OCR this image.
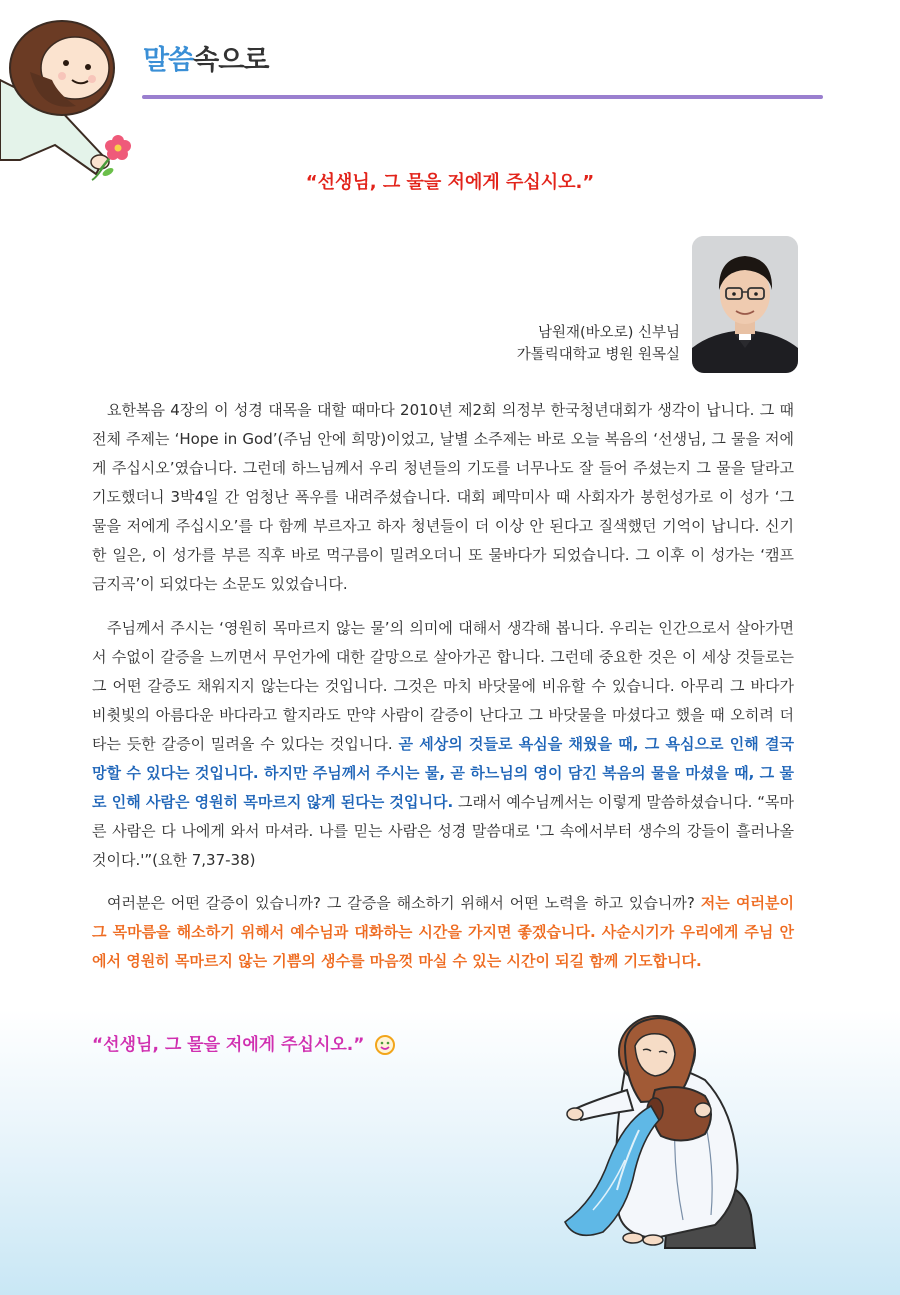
말씀속으로
“선생님, 그 물을 저에게 주십시오.”
남원재(바오로) 신부님
가톨릭대학교 병원 원목실

요한복음 4장의 이 성경 대목을 대할 때마다 2010년 제2회 의정부 한국청년대회가 생각이 납니다. 그 때 전체 주제는 ‘Hope in God’(주님 안에 희망)이었고, 날별 소주제는 바로 오늘 복음의 ‘선생님, 그 물을 저에게 주십시오’였습니다. 그런데 하느님께서 우리 청년들의 기도를 너무나도 잘 들어 주셨는지 그 물을 달라고 기도했더니 3박4일 간 엄청난 폭우를 내려주셨습니다. 대회 폐막미사 때 사회자가 봉헌성가로 이 성가 ‘그 물을 저에게 주십시오’를 다 함께 부르자고 하자 청년들이 더 이상 안 된다고 질색했던 기억이 납니다. 신기한 일은, 이 성가를 부른 직후 바로 먹구름이 밀려오더니 또 물바다가 되었습니다. 그 이후 이 성가는 ‘캠프 금지곡’이 되었다는 소문도 있었습니다.

주님께서 주시는 ‘영원히 목마르지 않는 물’의 의미에 대해서 생각해 봅니다. 우리는 인간으로서 살아가면서 수없이 갈증을 느끼면서 무언가에 대한 갈망으로 살아가곤 합니다. 그런데 중요한 것은 이 세상 것들로는 그 어떤 갈증도 채워지지 않는다는 것입니다. 그것은 마치 바닷물에 비유할 수 있습니다. 아무리 그 바다가 비췻빛의 아름다운 바다라고 할지라도 만약 사람이 갈증이 난다고 그 바닷물을 마셨다고 했을 때 오히려 더 타는 듯한 갈증이 밀려올 수 있다는 것입니다. 곧 세상의 것들로 욕심을 채웠을 때, 그 욕심으로 인해 결국 망할 수 있다는 것입니다. 하지만 주님께서 주시는 물, 곧 하느님의 영이 담긴 복음의 물을 마셨을 때, 그 물로 인해 사람은 영원히 목마르지 않게 된다는 것입니다. 그래서 예수님께서는 이렇게 말씀하셨습니다. “목마른 사람은 다 나에게 와서 마셔라. 나를 믿는 사람은 성경 말씀대로 '그 속에서부터 생수의 강들이 흘러나올 것이다.'”(요한 7,37-38)

여러분은 어떤 갈증이 있습니까? 그 갈증을 해소하기 위해서 어떤 노력을 하고 있습니까? 저는 여러분이 그 목마름을 해소하기 위해서 예수님과 대화하는 시간을 가지면 좋겠습니다. 사순시기가 우리에게 주님 안에서 영원히 목마르지 않는 기쁨의 생수를 마음껏 마실 수 있는 시간이 되길 함께 기도합니다.

“선생님, 그 물을 저에게 주십시오.”
